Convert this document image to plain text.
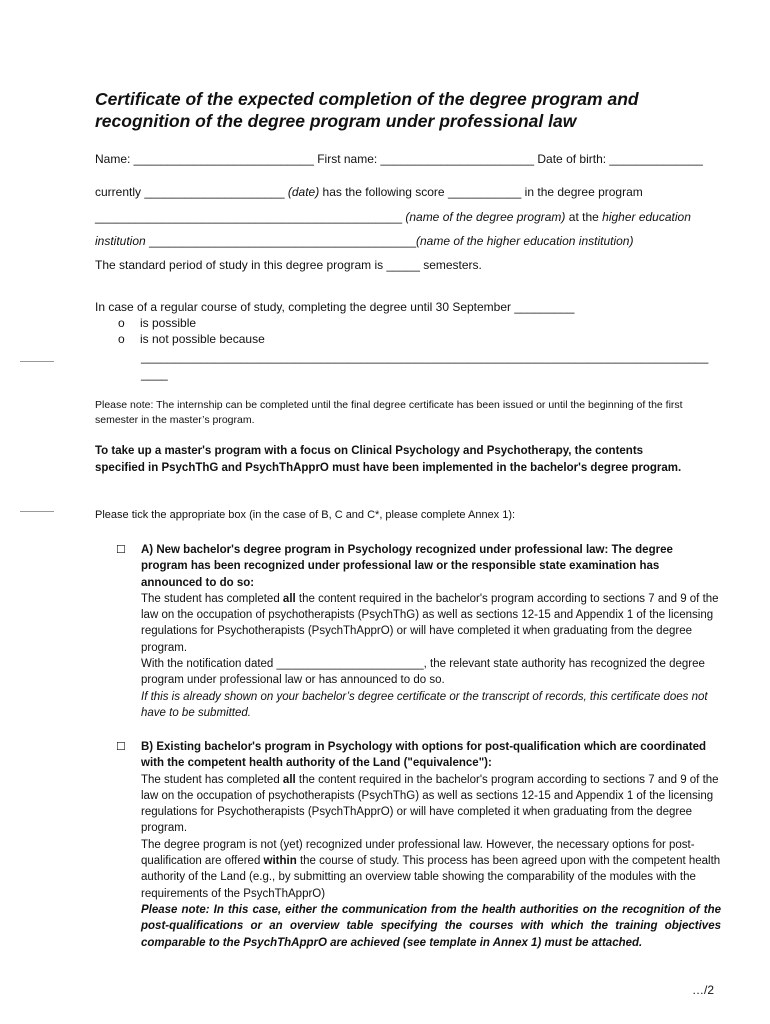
Certificate of the expected completion of the degree program and recognition of the degree program under professional law
Name: ___________________________ First name: _______________________ Date of birth: ______________
currently _____________________ (date) has the following score ___________ in the degree program
______________________________________________ (name of the degree program) at the higher education
institution ________________________________________(name of the higher education institution)
The standard period of study in this degree program is _____ semesters.
In case of a regular course of study, completing the degree until 30 September _________
o is possible
o is not possible because
_____________________________________________________________________________________
____
Please note: The internship can be completed until the final degree certificate has been issued or until the beginning of the first semester in the master’s program.
To take up a master's program with a focus on Clinical Psychology and Psychotherapy, the contents specified in PsychThG and PsychThApprO must have been implemented in the bachelor's degree program.
Please tick the appropriate box (in the case of B, C and C*, please complete Annex 1):
☐ A) New bachelor's degree program in Psychology recognized under professional law: The degree program has been recognized under professional law or the responsible state examination has announced to do so:

The student has completed all the content required in the bachelor's program according to sections 7 and 9 of the law on the occupation of psychotherapists (PsychThG) as well as sections 12-15 and Appendix 1 of the licensing regulations for Psychotherapists (PsychThApprO) or will have completed it when graduating from the degree program.

With the notification dated _______________________, the relevant state authority has recognized the degree program under professional law or has announced to do so.

If this is already shown on your bachelor’s degree certificate or the transcript of records, this certificate does not have to be submitted.

☐ B) Existing bachelor's program in Psychology with options for post-qualification which are coordinated with the competent health authority of the Land ("equivalence"):

The student has completed all the content required in the bachelor's program according to sections 7 and 9 of the law on the occupation of psychotherapists (PsychThG) as well as sections 12-15 and Appendix 1 of the licensing regulations for Psychotherapists (PsychThApprO) or will have completed it when graduating from the degree program.

The degree program is not (yet) recognized under professional law. However, the necessary options for post-qualification are offered within the course of study. This process has been agreed upon with the competent health authority of the Land (e.g., by submitting an overview table showing the comparability of the modules with the requirements of the PsychThApprO)

Please note: In this case, either the communication from the health authorities on the recognition of the post-qualifications or an overview table specifying the courses with which the training objectives comparable to the PsychThApprO are achieved (see template in Annex 1) must be attached.

…/2
